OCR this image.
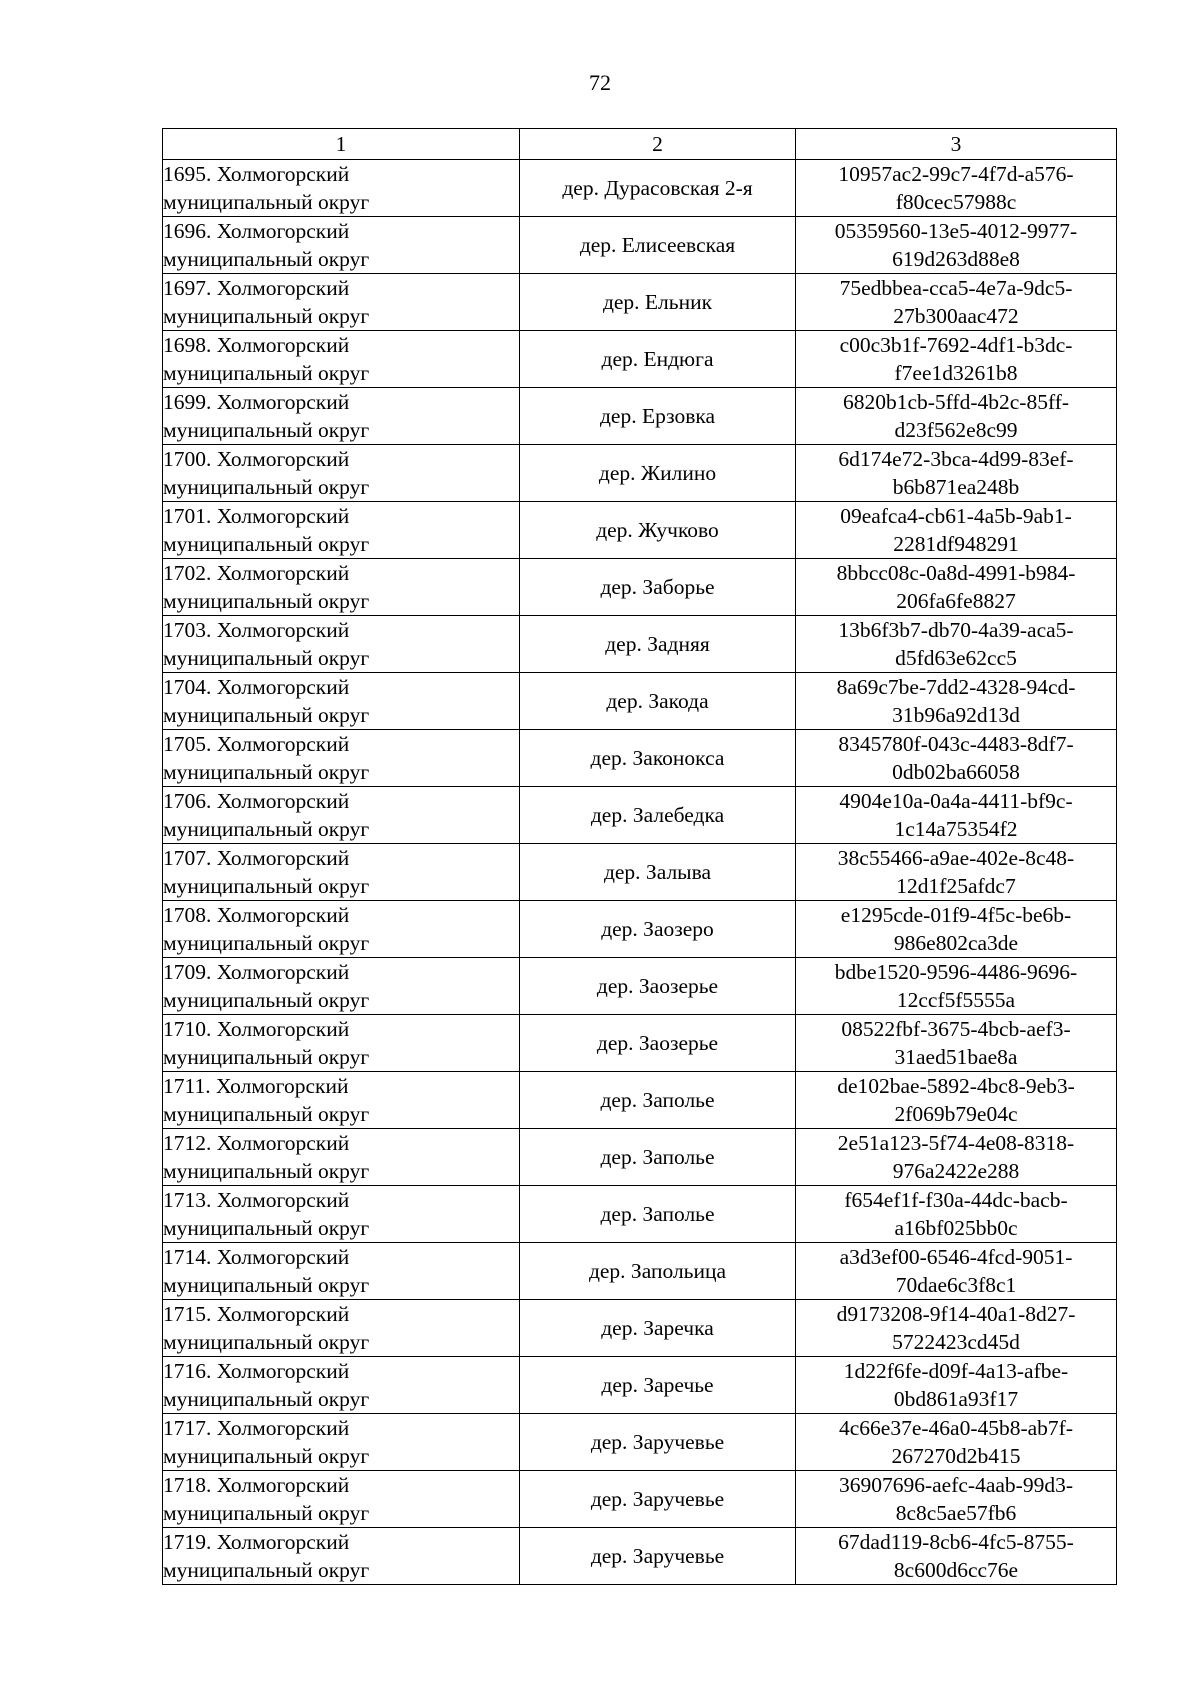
72
1	2	3

1695. Холмогорский
муниципальный округ	дер. Дурасовская 2-я	10957ac2-99c7-4f7d-a576-
f80cec57988c

1696. Холмогорский
муниципальный округ	дер. Елисеевская	05359560-13e5-4012-9977-
619d263d88e8

1697. Холмогорский
муниципальный округ	дер. Ельник	75edbbea-cca5-4e7a-9dc5-
27b300aac472

1698. Холмогорский
муниципальный округ	дер. Ендюга	c00c3b1f-7692-4df1-b3dc-
f7ee1d3261b8

1699. Холмогорский
муниципальный округ	дер. Ерзовка	6820b1cb-5ffd-4b2c-85ff-
d23f562e8c99

1700. Холмогорский
муниципальный округ	дер. Жилино	6d174e72-3bca-4d99-83ef-
b6b871ea248b

1701. Холмогорский
муниципальный округ	дер. Жучково	09eafca4-cb61-4a5b-9ab1-
2281df948291

1702. Холмогорский
муниципальный округ	дер. Заборье	8bbcc08c-0a8d-4991-b984-
206fa6fe8827

1703. Холмогорский
муниципальный округ	дер. Задняя	13b6f3b7-db70-4a39-aca5-
d5fd63e62cc5

1704. Холмогорский
муниципальный округ	дер. Закода	8a69c7be-7dd2-4328-94cd-
31b96a92d13d

1705. Холмогорский
муниципальный округ	дер. Законокса	8345780f-043c-4483-8df7-
0db02ba66058

1706. Холмогорский
муниципальный округ	дер. Залебедка	4904e10a-0a4a-4411-bf9c-
1c14a75354f2

1707. Холмогорский
муниципальный округ	дер. Залыва	38c55466-a9ae-402e-8c48-
12d1f25afdc7

1708. Холмогорский
муниципальный округ	дер. Заозеро	e1295cde-01f9-4f5c-be6b-
986e802ca3de

1709. Холмогорский
муниципальный округ	дер. Заозерье	bdbe1520-9596-4486-9696-
12ccf5f5555a

1710. Холмогорский
муниципальный округ	дер. Заозерье	08522fbf-3675-4bcb-aef3-
31aed51bae8a

1711. Холмогорский
муниципальный округ	дер. Заполье	de102bae-5892-4bc8-9eb3-
2f069b79e04c

1712. Холмогорский
муниципальный округ	дер. Заполье	2e51a123-5f74-4e08-8318-
976a2422e288

1713. Холмогорский
муниципальный округ	дер. Заполье	f654ef1f-f30a-44dc-bacb-
a16bf025bb0c

1714. Холмогорский
муниципальный округ	дер. Запольица	a3d3ef00-6546-4fcd-9051-
70dae6c3f8c1

1715. Холмогорский
муниципальный округ	дер. Заречка	d9173208-9f14-40a1-8d27-
5722423cd45d

1716. Холмогорский
муниципальный округ	дер. Заречье	1d22f6fe-d09f-4a13-afbe-
0bd861a93f17

1717. Холмогорский
муниципальный округ	дер. Заручевье	4c66e37e-46a0-45b8-ab7f-
267270d2b415

1718. Холмогорский
муниципальный округ	дер. Заручевье	36907696-aefc-4aab-99d3-
8c8c5ae57fb6

1719. Холмогорский
муниципальный округ	дер. Заручевье	67dad119-8cb6-4fc5-8755-
8c600d6cc76e
